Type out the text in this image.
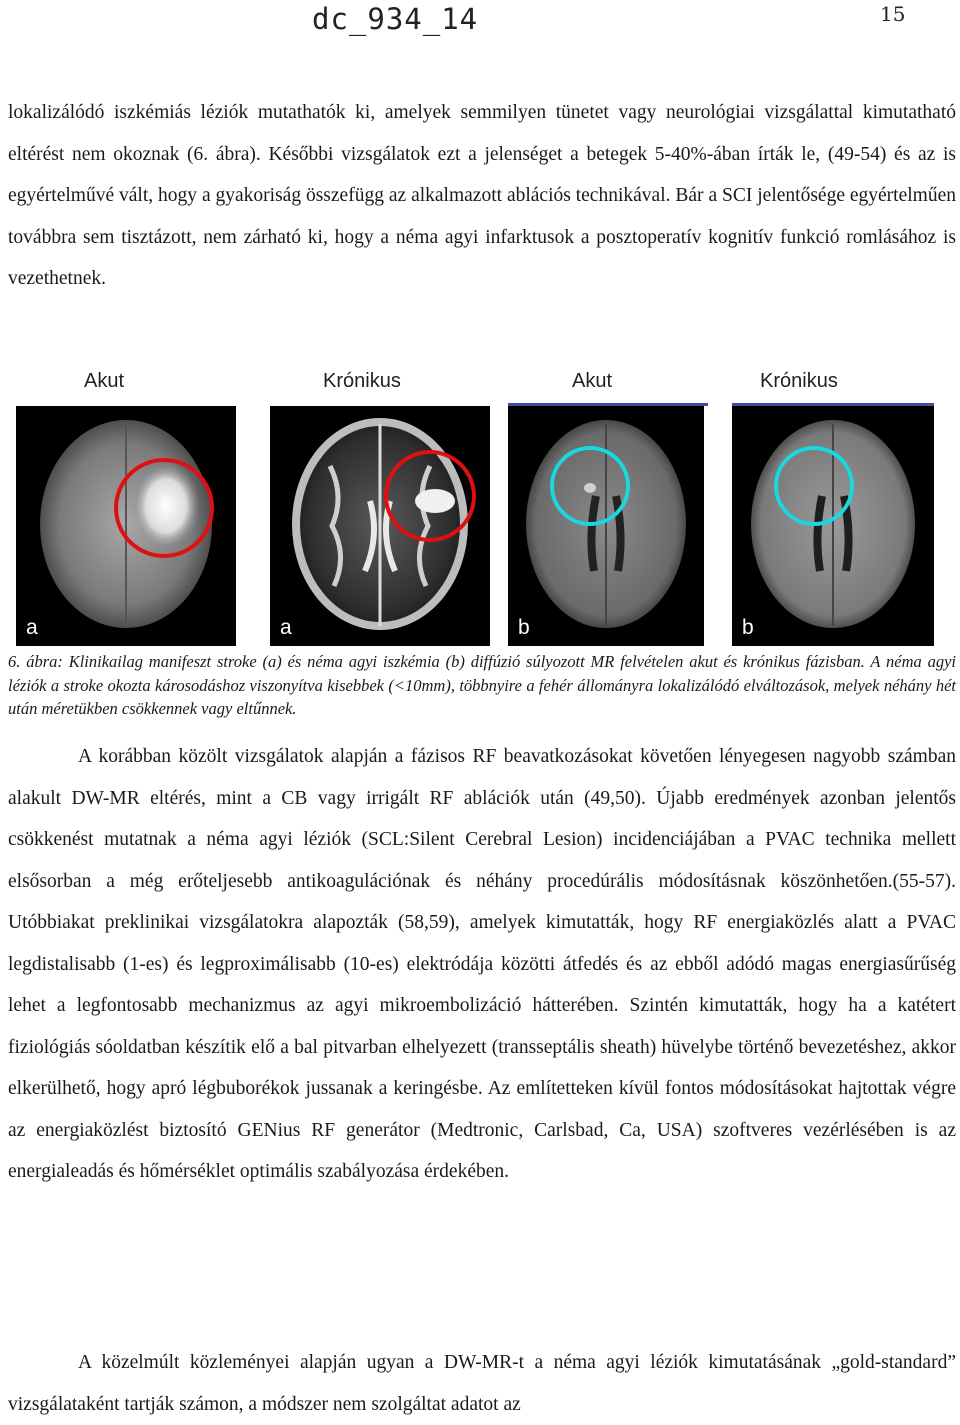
dc_934_14	15

lokalizálódó iszkémiás léziók mutathatók ki, amelyek semmilyen tünetet vagy neurológiai vizsgálattal kimutatható eltérést nem okoznak (6. ábra). Későbbi vizsgálatok ezt a jelenséget a betegek 5-40%-ában írták le, (49-54) és az is egyértelművé vált, hogy a gyakoriság összefügg az alkalmazott ablációs technikával. Bár a SCI jelentősége egyértelműen továbbra sem tisztázott, nem zárható ki, hogy a néma agyi infarktusok a posztoperatív kognitív funkció romlásához is vezethetnek.

Akut
a
Krónikus
a
Akut
b
Krónikus
b

6. ábra: Klinikailag manifeszt stroke (a) és néma agyi iszkémia (b) diffúzió súlyozott MR felvételen akut és krónikus fázisban. A néma agyi léziók a stroke okozta károsodáshoz viszonyítva kisebbek (<10mm), többnyire a fehér állományra lokalizálódó elváltozások, melyek néhány hét után méretükben csökkennek vagy eltűnnek.

A korábban közölt vizsgálatok alapján a fázisos RF beavatkozásokat követően lényegesen nagyobb számban alakult DW-MR eltérés, mint a CB vagy irrigált RF ablációk után (49,50). Újabb eredmények azonban jelentős csökkenést mutatnak a néma agyi léziók (SCL:Silent Cerebral Lesion) incidenciájában a PVAC technika mellett elsősorban a még erőteljesebb antikoagulációnak és néhány procedúrális módosításnak köszönhetően.(55-57). Utóbbiakat preklinikai vizsgálatokra alapozták (58,59), amelyek kimutatták, hogy RF energiaközlés alatt a PVAC legdistalisabb (1-es) és legproximálisabb (10-es) elektródája közötti átfedés és az ebből adódó magas energiasűrűség lehet a legfontosabb mechanizmus az agyi mikroembolizáció hátterében. Szintén kimutatták, hogy ha a katétert fiziológiás sóoldatban készítik elő a bal pitvarban elhelyezett (transseptális sheath) hüvelybe történő bevezetéshez, akkor elkerülhető, hogy apró légbuborékok jussanak a keringésbe. Az említetteken kívül fontos módosításokat hajtottak végre az energiaközlést biztosító GENius RF generátor (Medtronic, Carlsbad, Ca, USA) szoftveres vezérlésében is az energialeadás és hőmérséklet optimális szabályozása érdekében.

A közelmúlt közleményei alapján ugyan a DW-MR-t a néma agyi léziók kimutatásának „gold-standard” vizsgálataként tartják számon, a módszer nem szolgáltat adatot az
